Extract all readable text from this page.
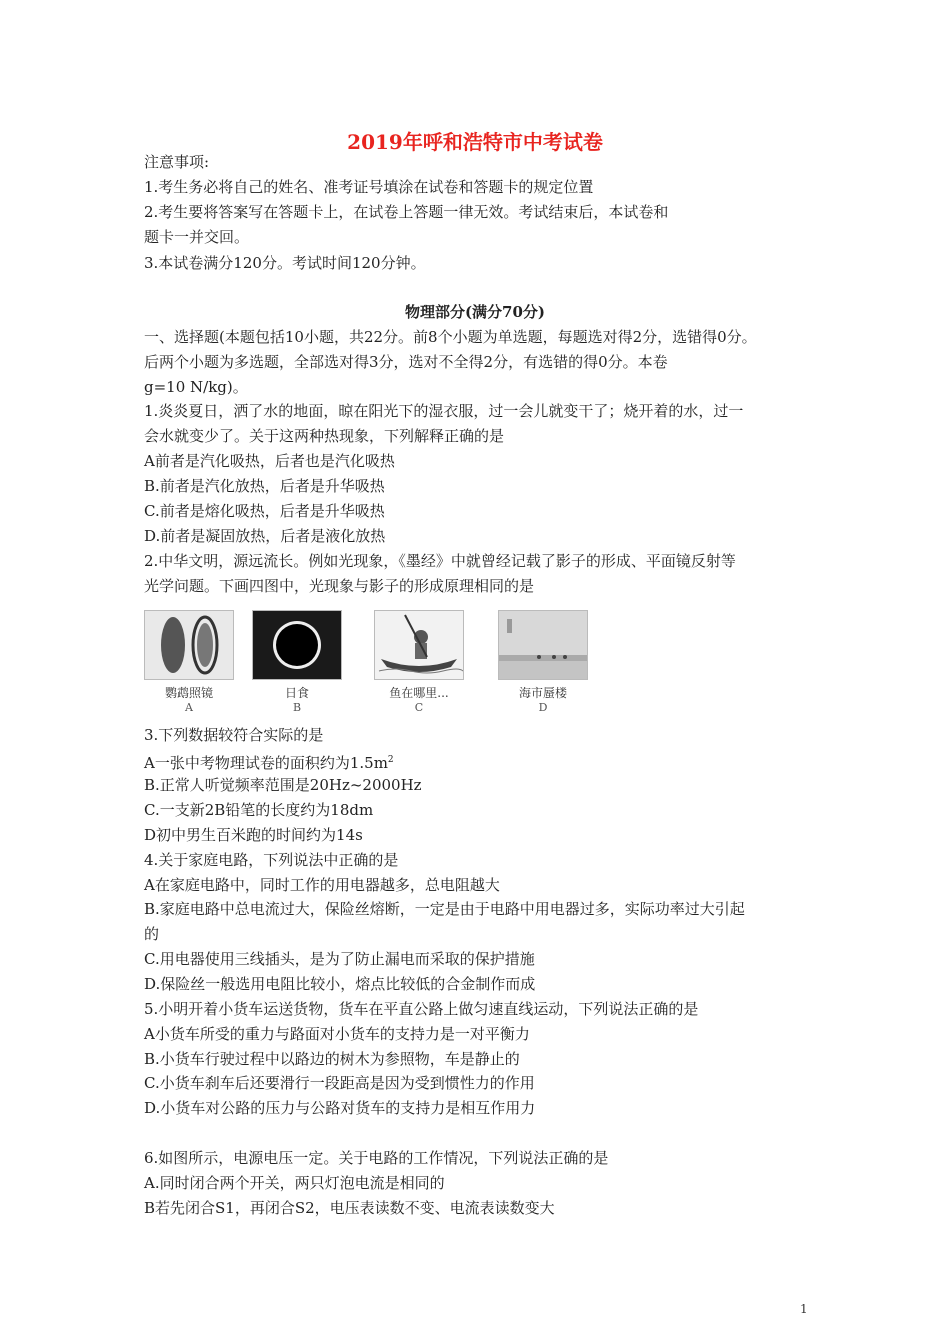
2019年呼和浩特市中考试卷
注意事项:
1.考生务必将自己的姓名、准考证号填涂在试卷和答题卡的规定位置
2.考生要将答案写在答题卡上，在试卷上答题一律无效。考试结束后，本试卷和
题卡一并交回。
3.本试卷满分120分。考试时间120分钟。
物理部分(满分70分)
一、选择题(本题包括10小题，共22分。前8个小题为单选题，每题选对得2分，选错得0分。
后两个小题为多选题，全部选对得3分，选对不全得2分，有选错的得0分。本卷
g=10 N/kg)。
1.炎炎夏日，洒了水的地面，晾在阳光下的湿衣服，过一会儿就变干了；烧开着的水，过一
会水就变少了。关于这两种热现象，下列解释正确的是
A前者是汽化吸热，后者也是汽化吸热
B.前者是汽化放热，后者是升华吸热
C.前者是熔化吸热，后者是升华吸热
D.前者是凝固放热，后者是液化放热
2.中华文明，源远流长。例如光现象，《墨经》中就曾经记载了影子的形成、平面镜反射等
光学问题。下画四图中，光现象与影子的形成原理相同的是
鹦鹉照镜
A
日食
B
鱼在哪里...
C
海市蜃楼
D
3.下列数据较符合实际的是
A一张中考物理试卷的面积约为$1.5m^2$
B.正常人听觉频率范围是20Hz~2000Hz
C.一支新2B铅笔的长度约为18dm
D初中男生百米跑的时间约为14s
4.关于家庭电路，下列说法中正确的是
A在家庭电路中，同时工作的用电器越多，总电阻越大
B.家庭电路中总电流过大，保险丝熔断，一定是由于电路中用电器过多，实际功率过大引起
的
C.用电器使用三线插头，是为了防止漏电而采取的保护措施
D.保险丝一般选用电阻比较小，熔点比较低的合金制作而成
5.小明开着小货车运送货物，货车在平直公路上做匀速直线运动，下列说法正确的是
A小货车所受的重力与路面对小货车的支持力是一对平衡力
B.小货车行驶过程中以路边的树木为参照物，车是静止的
C.小货车刹车后还要滑行一段距高是因为受到惯性力的作用
D.小货车对公路的压力与公路对货车的支持力是相互作用力
6.如图所示，电源电压一定。关于电路的工作情况，下列说法正确的是
A.同时闭合两个开关，两只灯泡电流是相同的
B若先闭合S1，再闭合S2，电压表读数不变、电流表读数变大
1
